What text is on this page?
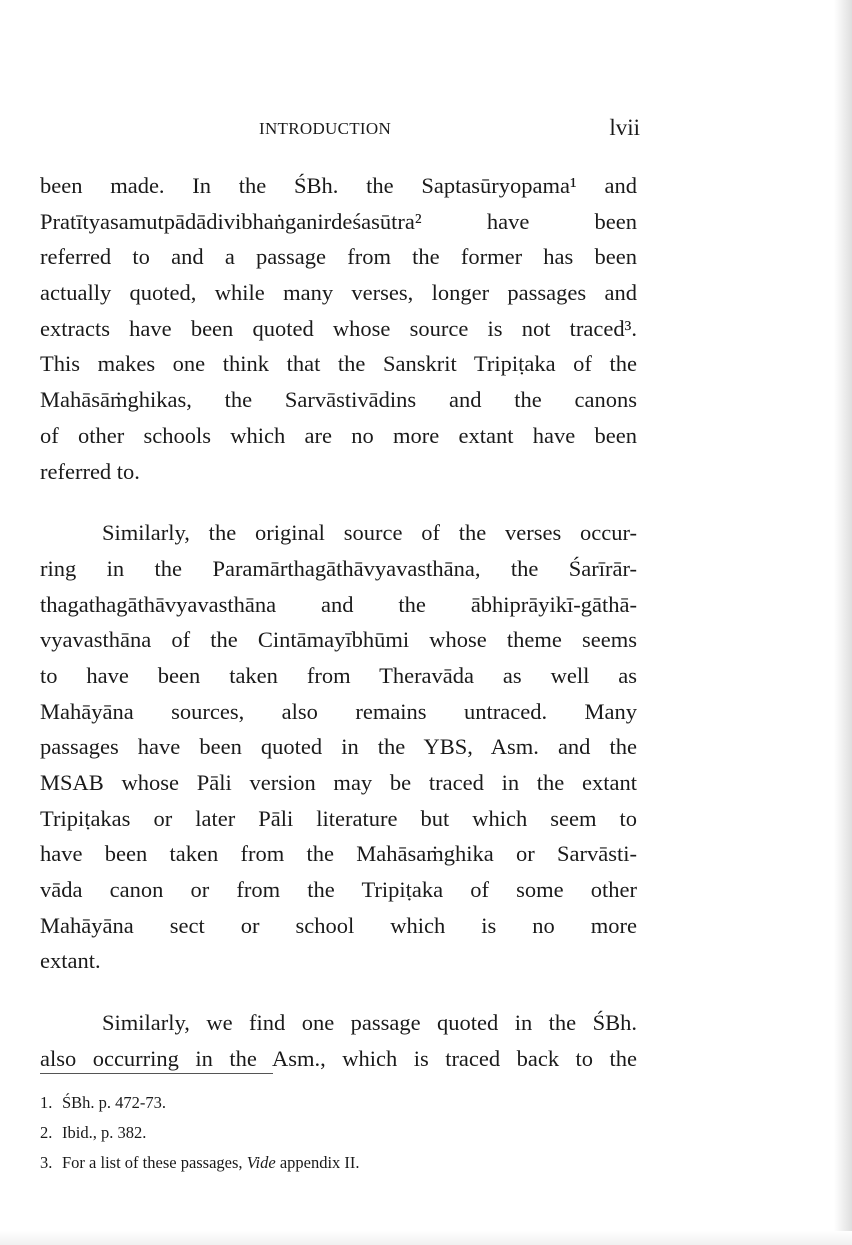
INTRODUCTION	lvii
been made. In the ŚBh. the Saptasūryopama¹ and
Pratītyasamutpādādivibhaṅganirdeśasūtra² have been
referred to and a passage from the former has been
actually quoted, while many verses, longer passages and
extracts have been quoted whose source is not traced³.
This makes one think that the Sanskrit Tripiṭaka of the
Mahāsāṁghikas, the Sarvāstivādins and the canons
of other schools which are no more extant have been
referred to.
Similarly, the original source of the verses occur-
ring in the Paramārthagāthāvyavasthāna, the Śarīrār-
thagathagāthāvyavasthāna and the ābhiprāyikī-gāthā-
vyavasthāna of the Cintāmayībhūmi whose theme seems
to have been taken from Theravāda as well as
Mahāyāna sources, also remains untraced. Many
passages have been quoted in the YBS, Asm. and the
MSAB whose Pāli version may be traced in the extant
Tripiṭakas or later Pāli literature but which seem to
have been taken from the Mahāsaṁghika or Sarvāsti-
vāda canon or from the Tripiṭaka of some other
Mahāyāna sect or school which is no more
extant.
Similarly, we find one passage quoted in the ŚBh.
also occurring in the Asm., which is traced back to the
1. ŚBh. p. 472-73.
2. Ibid., p. 382.
3. For a list of these passages, Vide appendix II.
